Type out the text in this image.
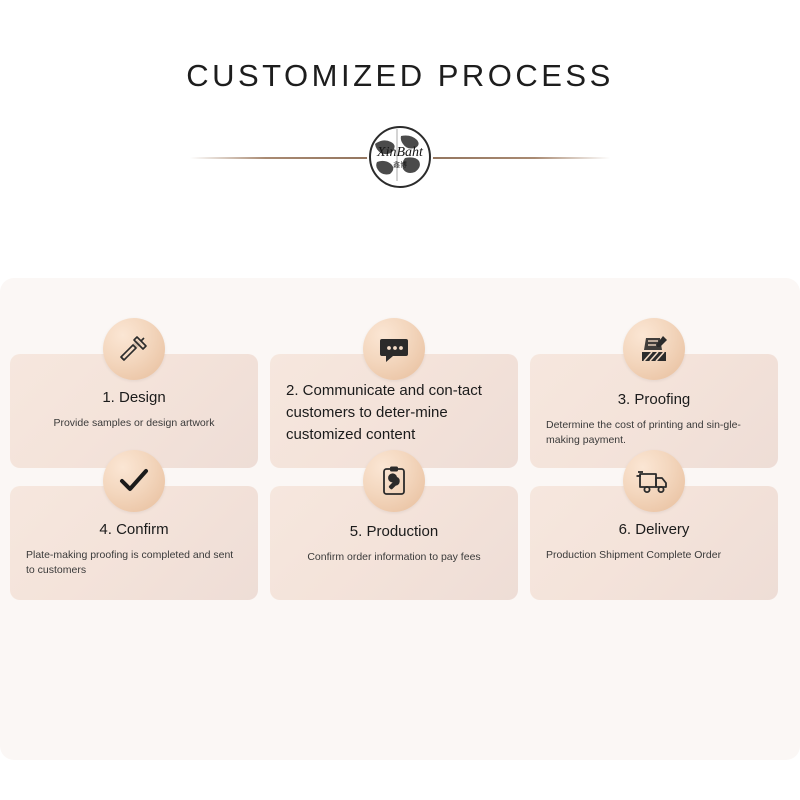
CUSTOMIZED PROCESS
XinBaht
鑫博
1. Design
Provide samples or design artwork
2. Communicate and con-tact customers to deter-mine customized content
3. Proofing
Determine the cost of printing and sin-gle-making payment.
4. Confirm
Plate-making proofing is completed and sent to customers
5. Production
Confirm order information to pay fees
6. Delivery
Production Shipment Complete Order
